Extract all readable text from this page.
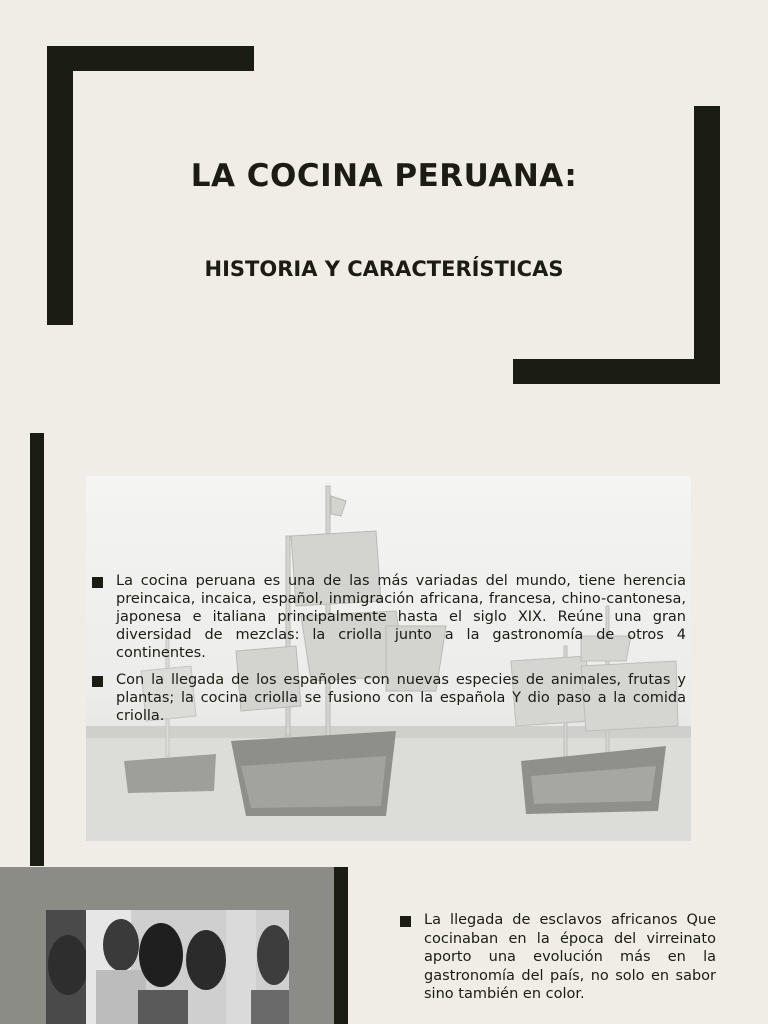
LA COCINA PERUANA:
HISTORIA Y CARACTERÍSTICAS
La cocina peruana es una de las más variadas del mundo, tiene herencia preincaica, incaica, español, inmigración africana, francesa, chino-cantonesa, japonesa e italiana principalmente hasta el siglo XIX. Reúne una gran diversidad de mezclas: la criolla junto a la gastronomía de otros 4 continentes.
Con la llegada de los españoles con nuevas especies de animales, frutas y plantas; la cocina criolla se fusiono con la española Y dio paso a la comida criolla.
La llegada de esclavos africanos Que cocinaban en la época del virreinato aporto una evolución más en la gastronomía del país, no solo en sabor sino también en color.
